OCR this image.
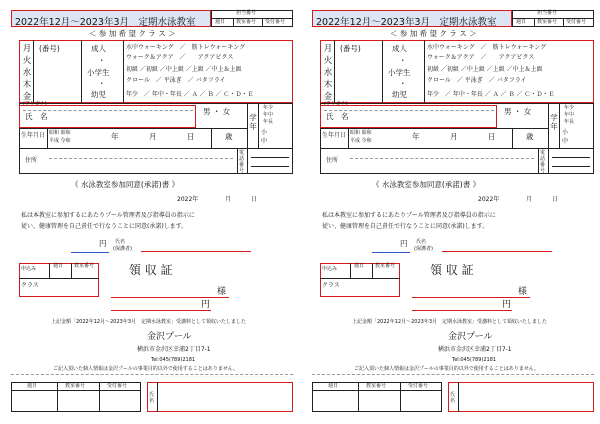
2022年12月～2023年3月　定期水泳教室
担当番号
週日 教室番号 受付番号
＜ 参 加 希 望 ク ラ ス ＞
月火水木金
(番号)	成人
・
小学生
・
幼児
水中ウォーキング　／　筋トレウォーキング
ウォーク＆アクア　／　　アクアビクス
初級 ／初級 ／中上級 ／上級 ／中上＆上級
クロール　／ 平泳ぎ　／ バタフライ
年少　／ 年中・年長 ／ Ａ ／ Ｂ ／ Ｃ・Ｄ・Ｅ
(フリガナ)
氏　名
男 ・ 女
学年
年少
年中
年長
小
中
生年月日 昭和 昭和
平成 令和	年	月	日	歳
住所
電話番号
《 水泳教室参加同意(承諾)書 》
2022年	月	日
私は本教室に参加するにあたりプール管理者及び指導員の指示に
従い、健康管理を自己責任で行なうことに同意(承諾)します。
円 氏名
(保護者)
申込み	週日 教室番号
クラス
領 収 証
様
円
上記金額「2022年12月～2023年3月　定期水泳教室」受講料として領収いたしました
金沢プール
横浜市金沢区幸浦2丁目7-1
Tel:045(789)2181
ご記入頂いた個人情報は金沢プールの事業目的以外で使用することはありません。
週日	教室番号	受付番号
氏名
2022年12月～2023年3月　定期水泳教室
担当番号
週日 教室番号 受付番号
＜ 参 加 希 望 ク ラ ス ＞
月火水木金
(番号)	成人
・
小学生
・
幼児
水中ウォーキング　／　筋トレウォーキング
ウォーク＆アクア　／　　アクアビクス
初級 ／初級 ／中上級 ／上級 ／中上＆上級
クロール　／ 平泳ぎ　／ バタフライ
年少　／ 年中・年長 ／ Ａ ／ Ｂ ／ Ｃ・Ｄ・Ｅ
(フリガナ)
氏　名
男 ・ 女
学年
年少
年中
年長
小
中
生年月日 昭和 昭和
平成 令和	年	月	日	歳
住所
電話番号
《 水泳教室参加同意(承諾)書 》
2022年	月	日
私は本教室に参加するにあたりプール管理者及び指導員の指示に
従い、健康管理を自己責任で行なうことに同意(承諾)します。
円 氏名
(保護者)
申込み	週日 教室番号
クラス
領 収 証
様
円
上記金額「2022年12月～2023年3月　定期水泳教室」受講料として領収いたしました
金沢プール
横浜市金沢区幸浦2丁目7-1
Tel:045(789)2181
ご記入頂いた個人情報は金沢プールの事業目的以外で使用することはありません。
週日	教室番号	受付番号
氏名
